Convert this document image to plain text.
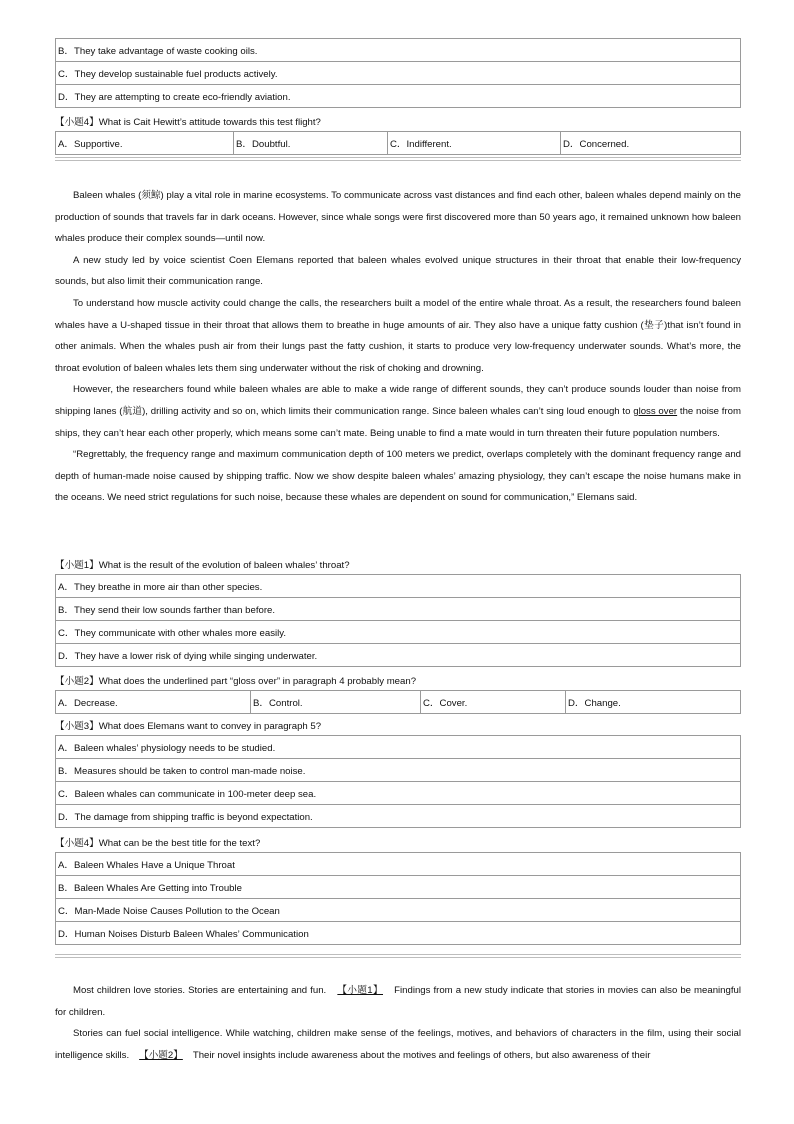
B．They take advantage of waste cooking oils.
C．They develop sustainable fuel products actively.
D．They are attempting to create eco-friendly aviation.
【小题4】What is Cait Hewitt’s attitude towards this test flight?
A．Supportive.	B．Doubtful.	C．Indifferent.	D．Concerned.

Baleen whales (须鲸) play a vital role in marine ecosystems. To communicate across vast distances and find each other, baleen whales depend mainly on the production of sounds that travels far in dark oceans. However, since whale songs were first discovered more than 50 years ago, it remained unknown how baleen whales produce their complex sounds—until now.

A new study led by voice scientist Coen Elemans reported that baleen whales evolved unique structures in their throat that enable their low-frequency sounds, but also limit their communication range.

To understand how muscle activity could change the calls, the researchers built a model of the entire whale throat. As a result, the researchers found baleen whales have a U-shaped tissue in their throat that allows them to breathe in huge amounts of air. They also have a unique fatty cushion (垫子)that isn’t found in other animals. When the whales push air from their lungs past the fatty cushion, it starts to produce very low-frequency underwater sounds. What’s more, the throat evolution of baleen whales lets them sing underwater without the risk of choking and drowning.

However, the researchers found while baleen whales are able to make a wide range of different sounds, they can’t produce sounds louder than noise from shipping lanes (航道), drilling activity and so on, which limits their communication range. Since baleen whales can’t sing loud enough to gloss over the noise from ships, they can’t hear each other properly, which means some can’t mate. Being unable to find a mate would in turn threaten their future population numbers.

“Regrettably, the frequency range and maximum communication depth of 100 meters we predict, overlaps completely with the dominant frequency range and depth of human-made noise caused by shipping traffic. Now we show despite baleen whales’ amazing physiology, they can’t escape the noise humans make in the oceans. We need strict regulations for such noise, because these whales are dependent on sound for communication,” Elemans said.

【小题1】What is the result of the evolution of baleen whales’ throat?
A．They breathe in more air than other species.
B．They send their low sounds farther than before.
C．They communicate with other whales more easily.
D．They have a lower risk of dying while singing underwater.
【小题2】What does the underlined part “gloss over” in paragraph 4 probably mean?
A．Decrease.	B．Control.	C．Cover.	D．Change.
【小题3】What does Elemans want to convey in paragraph 5?
A．Baleen whales’ physiology needs to be studied.
B．Measures should be taken to control man-made noise.
C．Baleen whales can communicate in 100-meter deep sea.
D．The damage from shipping traffic is beyond expectation.
【小题4】What can be the best title for the text?
A．Baleen Whales Have a Unique Throat
B．Baleen Whales Are Getting into Trouble
C．Man-Made Noise Causes Pollution to the Ocean
D．Human Noises Disturb Baleen Whales’ Communication

Most children love stories. Stories are entertaining and fun. 【小题1】 Findings from a new study indicate that stories in movies can also be meaningful for children.

Stories can fuel social intelligence. While watching, children make sense of the feelings, motives, and behaviors of characters in the film, using their social intelligence skills. 【小题2】 Their novel insights include awareness about the motives and feelings of others, but also awareness of their
